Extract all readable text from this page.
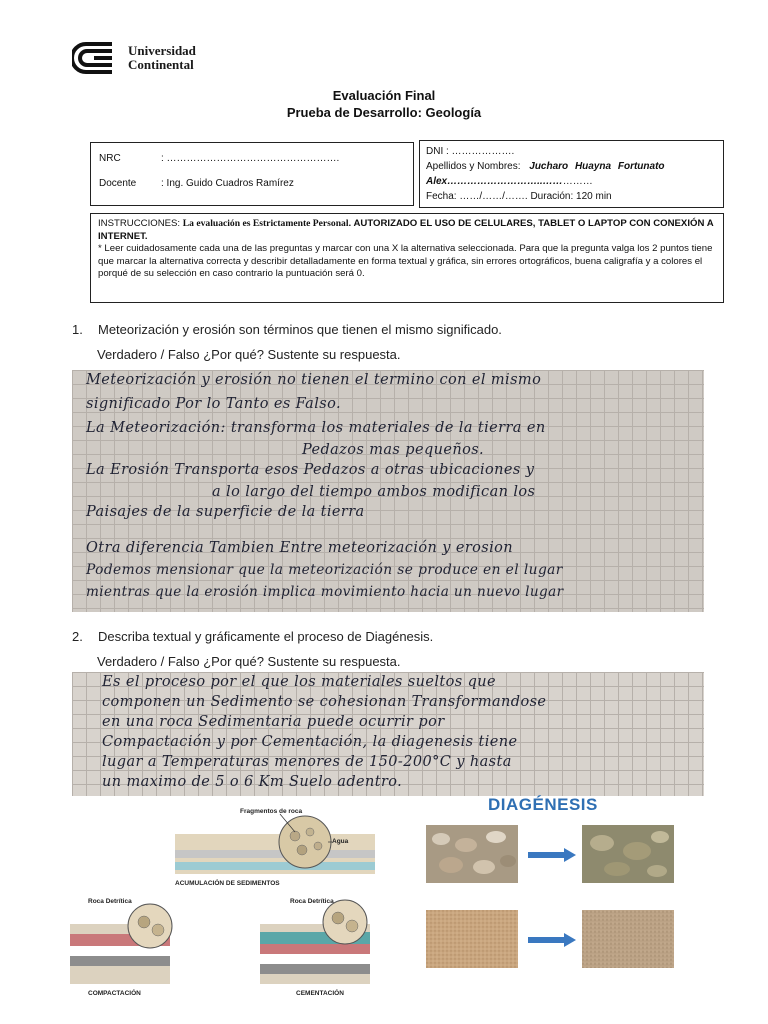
Universidad
Continental
Evaluación Final
Prueba de Desarrollo: Geología
NRC	: …………………………………………….
Docente	: Ing. Guido Cuadros Ramírez
DNI : ……………….
Apellidos y Nombres: Jucharo Huayna Fortunato
Alex………………………..……………
Fecha: ……/……/……. Duración: 120 min
INSTRUCCIONES: La evaluación es Estrictamente Personal. AUTORIZADO EL USO DE CELULARES, TABLET O LAPTOP CON CONEXIÓN A INTERNET.
* Leer cuidadosamente cada una de las preguntas y marcar con una X la alternativa seleccionada. Para que la pregunta valga los 2 puntos tiene que marcar la alternativa correcta y describir detalladamente en forma textual y gráfica, sin errores ortográficos, buena caligrafía y a colores el porqué de su selección en caso contrario la puntuación será 0.
1. Meteorización y erosión son términos que tienen el mismo significado.
Verdadero / Falso ¿Por qué? Sustente su respuesta.
Meteorización y erosión no tienen el termino con el mismo
significado Por lo Tanto es Falso.
La Meteorización: transforma los materiales de la tierra en
Pedazos mas pequeños.
La Erosión Transporta esos Pedazos a otras ubicaciones y
a lo largo del tiempo ambos modifican los
Paisajes de la superficie de la tierra
Otra diferencia Tambien Entre meteorización y erosion
Podemos mensionar que la meteorización se produce en el lugar
mientras que la erosión implica movimiento hacia un nuevo lugar
2. Describa textual y gráficamente el proceso de Diagénesis.
Verdadero / Falso ¿Por qué? Sustente su respuesta.
Es el proceso por el que los materiales sueltos que
componen un Sedimento se cohesionan Transformandose
en una roca Sedimentaria puede ocurrir por
Compactación y por Cementación, la diagenesis tiene
lugar a Temperaturas menores de 150-200°C y hasta
un maximo de 5 o 6 Km Suelo adentro.
Fragmentos de roca
Agua
ACUMULACIÓN DE SEDIMENTOS
Roca Detrítica	Roca Detrítica
COMPACTACIÓN	CEMENTACIÓN
DIAGÉNESIS
